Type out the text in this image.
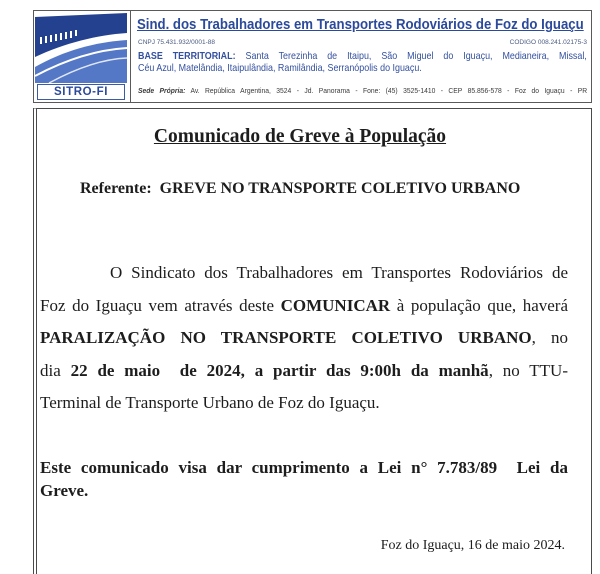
SITRO-FI
Sind. dos Trabalhadores em Transportes Rodoviários de Foz do Iguaçu
CNPJ 75.431.932/0001-88	CODIGO 008.241.02175-3
BASE TERRITORIAL: Santa Terezinha de Itaipu, São Miguel do Iguaçu, Medianeira, Missal,
Céu Azul, Matelândia, Itaipulândia, Ramilândia, Serranópolis do Iguaçu.
Sede Própria: Av. República Argentina, 3524 - Jd. Panorama - Fone: (45) 3525-1410 - CEP 85.856-578 - Foz do Iguaçu - PR
Comunicado de Greve à População
Referente: GREVE NO TRANSPORTE COLETIVO URBANO
O Sindicato dos Trabalhadores em Transportes Rodoviários de
Foz do Iguaçu vem através deste COMUNICAR à população que, haverá
PARALIZAÇÃO NO TRANSPORTE COLETIVO URBANO, no
dia 22 de maio  de 2024, a partir das 9:00h da manhã, no TTU-
Terminal de Transporte Urbano de Foz do Iguaçu.
Este comunicado visa dar cumprimento a Lei n° 7.783/89  Lei da
Greve.
Foz do Iguaçu, 16 de maio 2024.
